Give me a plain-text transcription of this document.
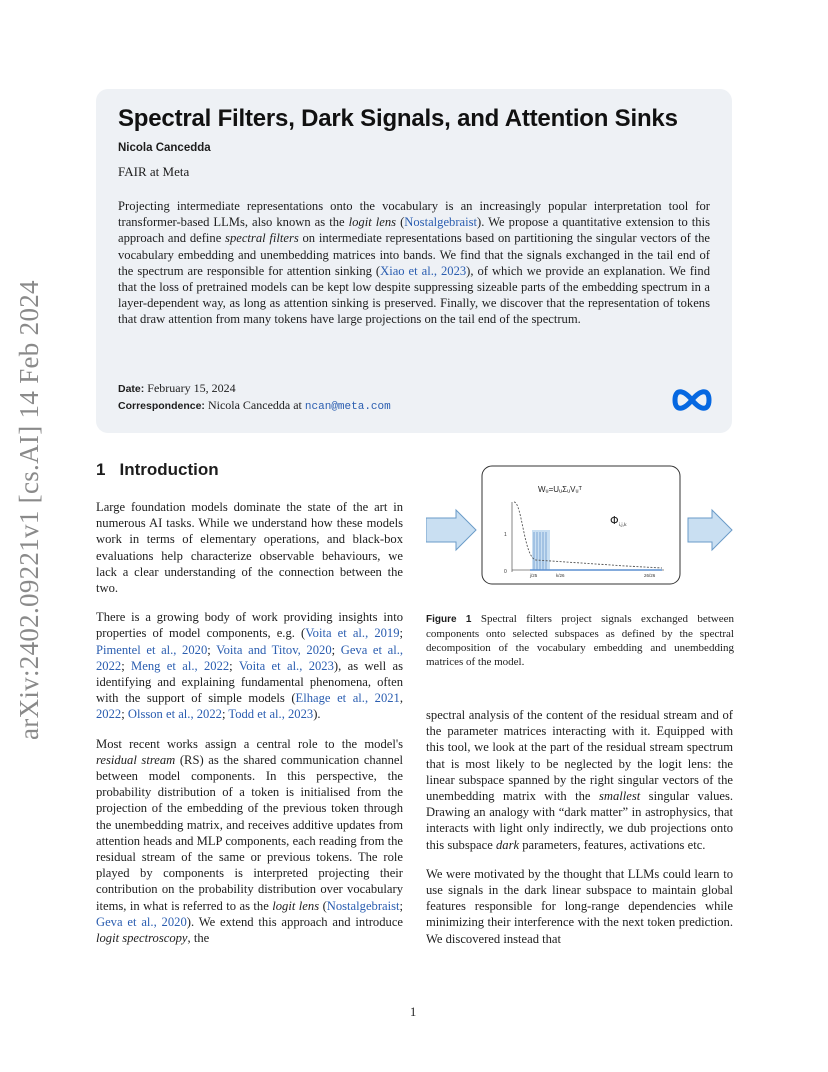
arXiv:2402.09221v1 [cs.AI] 14 Feb 2024
Spectral Filters, Dark Signals, and Attention Sinks
Nicola Cancedda
FAIR at Meta

Projecting intermediate representations onto the vocabulary is an increasingly popular interpretation tool for transformer-based LLMs, also known as the logit lens (Nostalgebraist). We propose a quantitative extension to this approach and define spectral filters on intermediate representations based on partitioning the singular vectors of the vocabulary embedding and unembedding matrices into bands. We find that the signals exchanged in the tail end of the spectrum are responsible for attention sinking (Xiao et al., 2023), of which we provide an explanation. We find that the loss of pretrained models can be kept low despite suppressing sizeable parts of the embedding spectrum in a layer-dependent way, as long as attention sinking is preserved. Finally, we discover that the representation of tokens that draw attention from many tokens have large projections on the tail end of the spectrum.

Date: February 15, 2024
Correspondence: Nicola Cancedda at ncan@meta.com
1 Introduction

Large foundation models dominate the state of the art in numerous AI tasks. While we understand how these models work in terms of elementary operations, and black-box evaluations help characterize observable behaviours, we lack a clear understanding of the connection between the two.

There is a growing body of work providing insights into properties of model components, e.g. (Voita et al., 2019; Pimentel et al., 2020; Voita and Titov, 2020; Geva et al., 2022; Meng et al., 2022; Voita et al., 2023), as well as identifying and explaining fundamental phenomena, often with the support of simple models (Elhage et al., 2021, 2022; Olsson et al., 2022; Todd et al., 2023).

Most recent works assign a central role to the model's residual stream (RS) as the shared communication channel between model components. In this perspective, the probability distribution of a token is initialised from the projection of the embedding of the previous token through the unembedding matrix, and receives additive updates from attention heads and MLP components, each reading from the residual stream of the same or previous tokens. The role played by components is interpreted projecting their contribution on the probability distribution over vocabulary items, in what is referred to as the logit lens (Nostalgebraist; Geva et al., 2020). We extend this approach and introduce logit spectroscopy, the

1
0
j/25	k/26	26/26
Wᵤ=UᵤΣᵤVᵤᵀ
Φi,j,k

Figure 1 Spectral filters project signals exchanged between components onto selected subspaces as defined by the spectral decomposition of the vocabulary embedding and unembedding matrices of the model.

spectral analysis of the content of the residual stream and of the parameter matrices interacting with it. Equipped with this tool, we look at the part of the residual stream spectrum that is most likely to be neglected by the logit lens: the linear subspace spanned by the right singular vectors of the unembedding matrix with the smallest singular values. Drawing an analogy with “dark matter” in astrophysics, that interacts with light only indirectly, we dub projections onto this subspace dark parameters, features, activations etc.

We were motivated by the thought that LLMs could learn to use signals in the dark linear subspace to maintain global features responsible for long-range dependencies while minimizing their interference with the next token prediction. We discovered instead that

1
